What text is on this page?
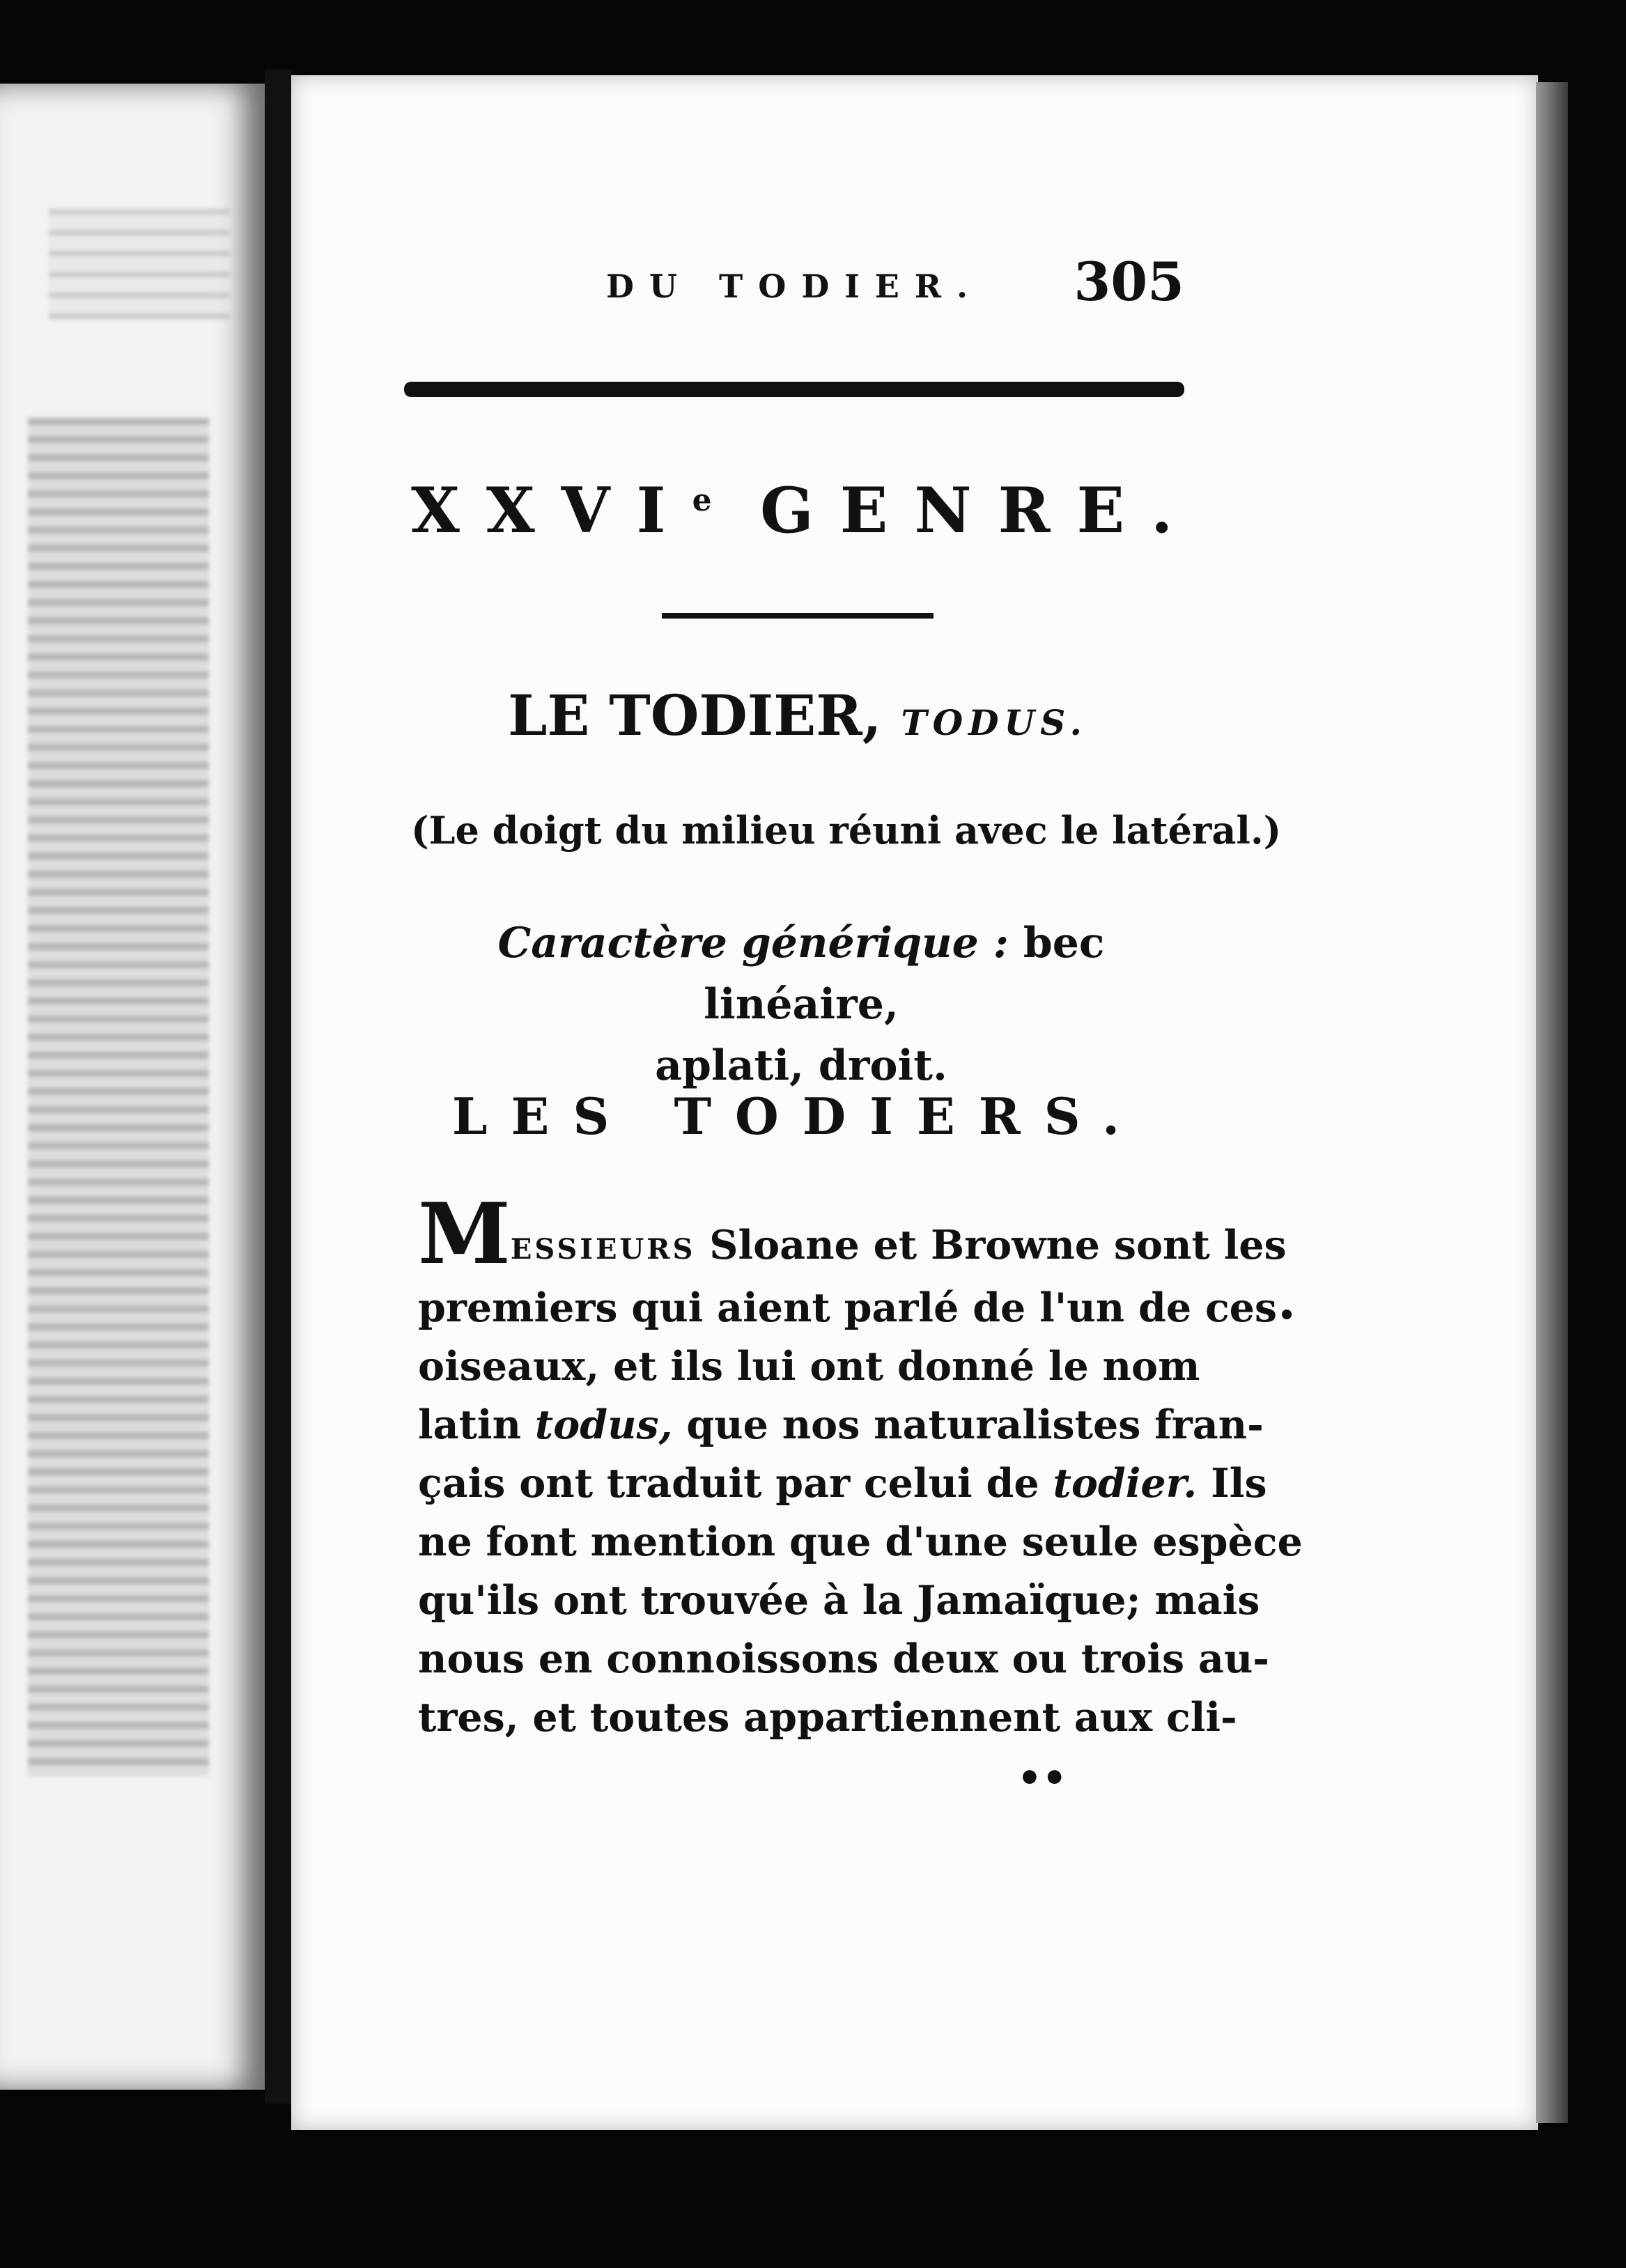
DU TODIER. 305
XXVIe GENRE.
LE TODIER, TODUS.
(Le doigt du milieu réuni avec le latéral.)
Caractère générique : bec linéaire,
aplati, droit.
LES TODIERS.
MESSIEURS Sloane et Browne sont les
premiers qui aient parlé de l'un de ces
oiseaux, et ils lui ont donné le nom
latin todus, que nos naturalistes fran-
çais ont traduit par celui de todier. Ils
ne font mention que d'une seule espèce
qu'ils ont trouvée à la Jamaïque; mais
nous en connoissons deux ou trois au-
tres, et toutes appartiennent aux cli-
••
